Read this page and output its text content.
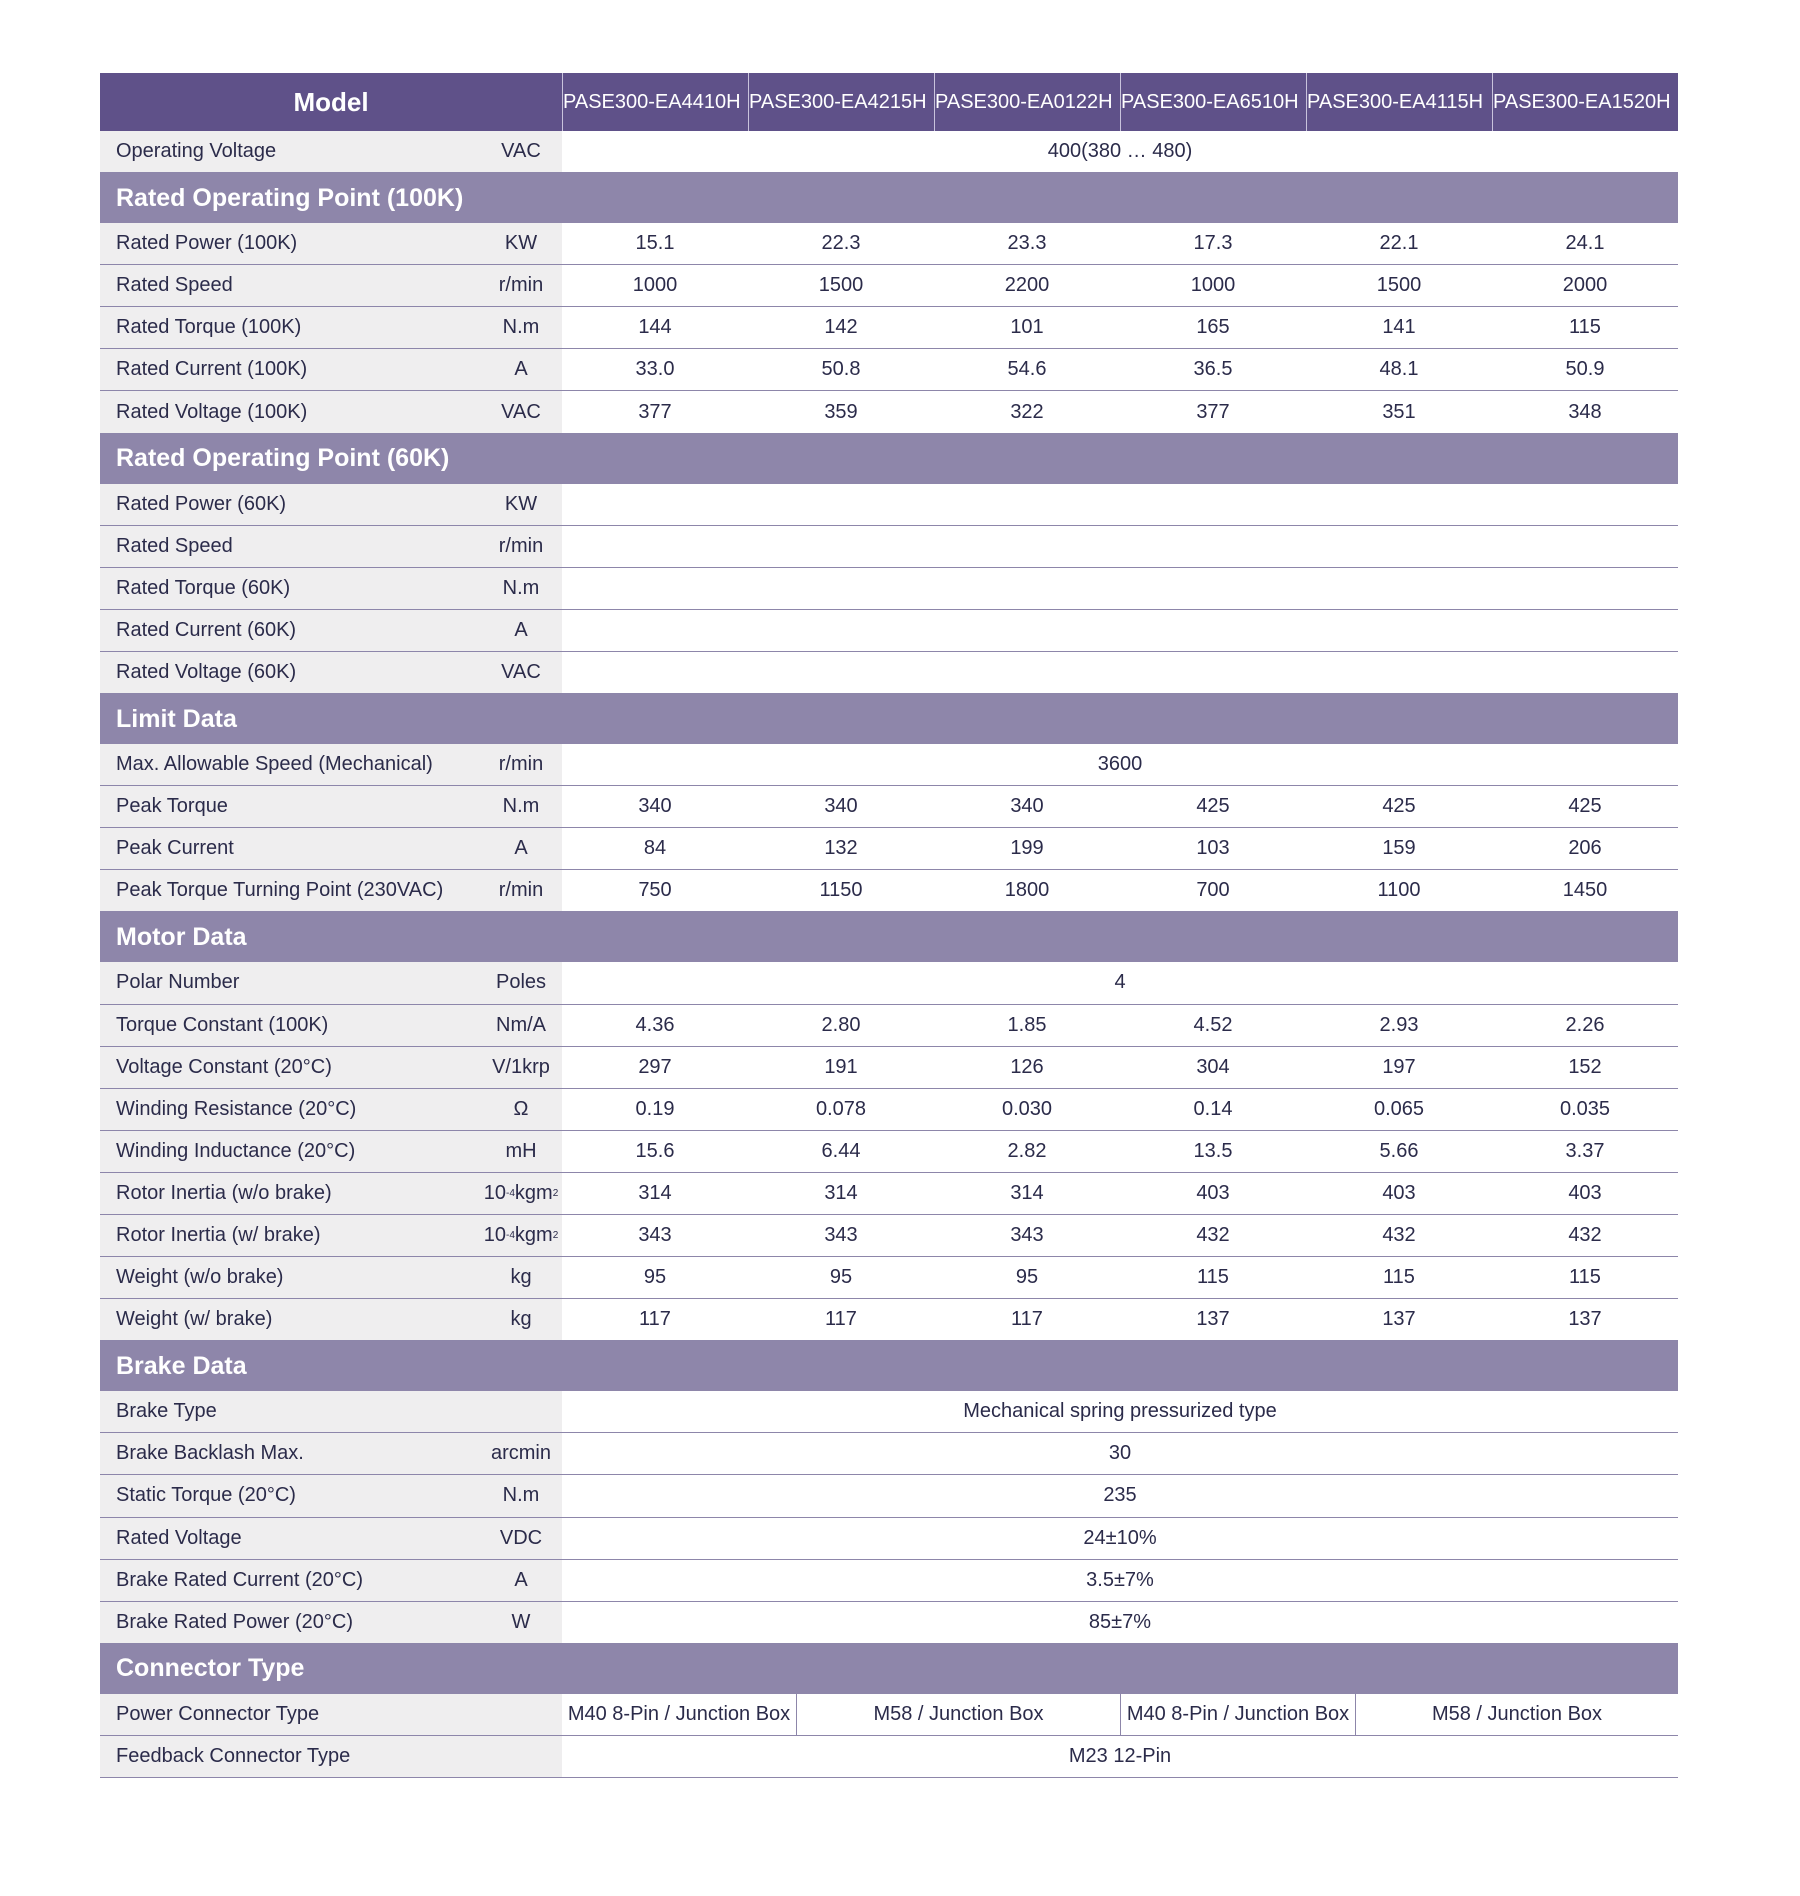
Model	PASE300-EA4410H PASE300-EA4215H PASE300-EA0122H PASE300-EA6510H PASE300-EA4115H PASE300-EA1520H
Operating Voltage	VAC	400(380 … 480)
Rated Operating Point (100K)
Rated Power (100K)	KW	15.1	22.3	23.3	17.3	22.1	24.1
Rated Speed	r/min	1000	1500	2200	1000	1500	2000
Rated Torque (100K)	N.m	144	142	101	165	141	115
Rated Current (100K)	A	33.0	50.8	54.6	36.5	48.1	50.9
Rated Voltage (100K)	VAC	377	359	322	377	351	348
Rated Operating Point (60K)
Rated Power (60K)	KW
Rated Speed	r/min
Rated Torque (60K)	N.m
Rated Current (60K)	A
Rated Voltage (60K)	VAC
Limit Data
Max. Allowable Speed (Mechanical)	r/min	3600
Peak Torque	N.m	340	340	340	425	425	425
Peak Current	A	84	132	199	103	159	206
Peak Torque Turning Point (230VAC)	r/min	750	1150	1800	700	1100	1450
Motor Data
Polar Number	Poles	4
Torque Constant (100K)	Nm/A	4.36	2.80	1.85	4.52	2.93	2.26
Voltage Constant (20°C)	V/1krp	297	191	126	304	197	152
Winding Resistance (20°C)	Ω	0.19	0.078	0.030	0.14	0.065	0.035
Winding Inductance (20°C)	mH	15.6	6.44	2.82	13.5	5.66	3.37
Rotor Inertia (w/o brake)	10 -4 kgm 2	314	314	314	403	403	403
Rotor Inertia (w/ brake)	10 -4 kgm 2	343	343	343	432	432	432
Weight (w/o brake)	kg	95	95	95	115	115	115
Weight (w/ brake)	kg	117	117	117	137	137	137
Brake Data
Brake Type	Mechanical spring pressurized type
Brake Backlash Max.	arcmin	30
Static Torque (20°C)	N.m	235
Rated Voltage	VDC	24±10%
Brake Rated Current (20°C)	A	3.5±7%
Brake Rated Power (20°C)	W	85±7%
Connector Type
Power Connector Type	M40 8-Pin / Junction Box	M58 / Junction Box	M40 8-Pin / Junction Box	M58 / Junction Box
Feedback Connector Type	M23 12-Pin
